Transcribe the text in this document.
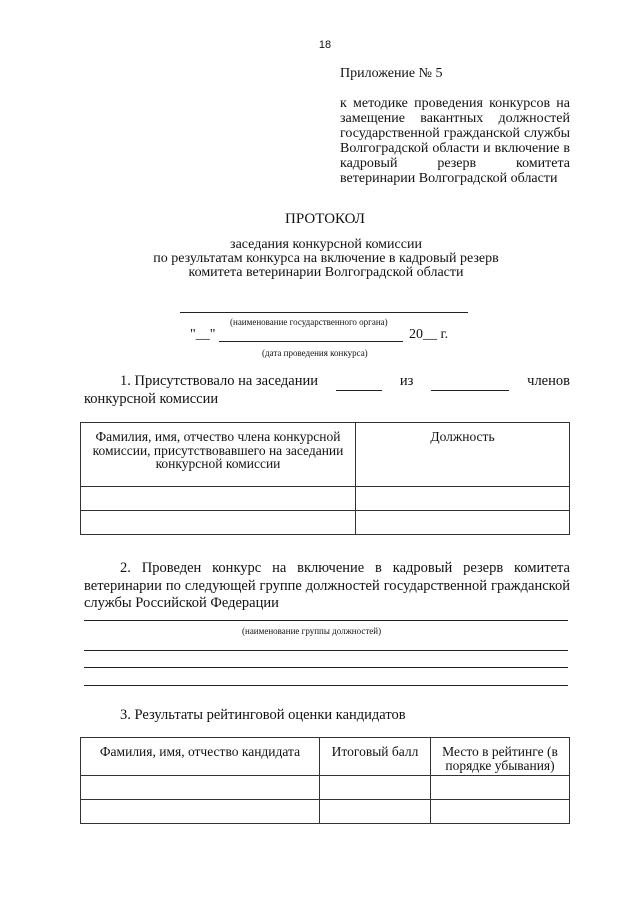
18
Приложение № 5
к методике проведения конкурсов на замещение вакантных должностей государственной гражданской службы Волгоградской области и включение в кадровый резерв комитета ветеринарии Волгоградской области
ПРОТОКОЛ
заседания конкурсной комиссии
по результатам конкурса на включение в кадровый резерв
комитета ветеринарии Волгоградской области
(наименование государственного органа)
"__"	20__ г.
(дата проведения конкурса)
1. Присутствовало на заседании	из	членов
конкурсной комиссии
Фамилия, имя, отчество члена конкурсной комиссии, присутствовавшего на заседании конкурсной комиссии	Должность

2. Проведен конкурс на включение в кадровый резерв комитета ветеринарии по следующей группе должностей государственной гражданской службы Российской Федерации
(наименование группы должностей)
3. Результаты рейтинговой оценки кандидатов
Фамилия, имя, отчество кандидата	Итоговый балл	Место в рейтинге (в порядке убывания)
